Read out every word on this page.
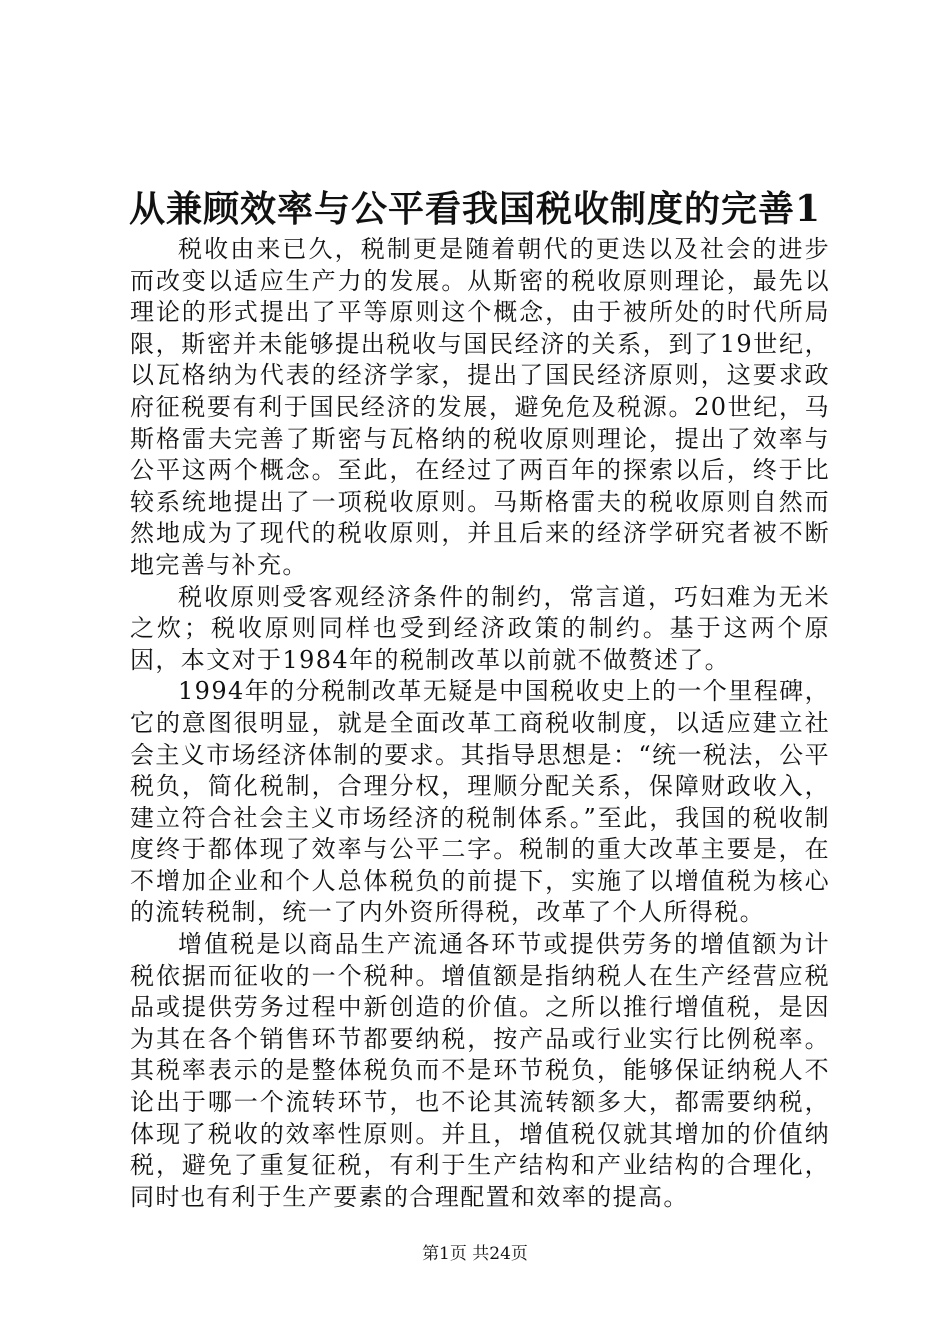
从兼顾效率与公平看我国税收制度的完善1

税收由来已久，税制更是随着朝代的更迭以及社会的进步而改变以适应生产力的发展。从斯密的税收原则理论，最先以理论的形式提出了平等原则这个概念，由于被所处的时代所局限，斯密并未能够提出税收与国民经济的关系，到了19世纪，以瓦格纳为代表的经济学家，提出了国民经济原则，这要求政府征税要有利于国民经济的发展，避免危及税源。20世纪，马斯格雷夫完善了斯密与瓦格纳的税收原则理论，提出了效率与公平这两个概念。至此，在经过了两百年的探索以后，终于比较系统地提出了一项税收原则。马斯格雷夫的税收原则自然而然地成为了现代的税收原则，并且后来的经济学研究者被不断地完善与补充。

税收原则受客观经济条件的制约，常言道，巧妇难为无米之炊；税收原则同样也受到经济政策的制约。基于这两个原因，本文对于1984年的税制改革以前就不做赘述了。

1994年的分税制改革无疑是中国税收史上的一个里程碑，它的意图很明显，就是全面改革工商税收制度，以适应建立社会主义市场经济体制的要求。其指导思想是：“统一税法，公平税负，简化税制，合理分权，理顺分配关系，保障财政收入，建立符合社会主义市场经济的税制体系。”至此，我国的税收制度终于都体现了效率与公平二字。税制的重大改革主要是，在不增加企业和个人总体税负的前提下，实施了以增值税为核心的流转税制，统一了内外资所得税，改革了个人所得税。

增值税是以商品生产流通各环节或提供劳务的增值额为计税依据而征收的一个税种。增值额是指纳税人在生产经营应税品或提供劳务过程中新创造的价值。之所以推行增值税，是因为其在各个销售环节都要纳税，按产品或行业实行比例税率。其税率表示的是整体税负而不是环节税负，能够保证纳税人不论出于哪一个流转环节，也不论其流转额多大，都需要纳税，体现了税收的效率性原则。并且，增值税仅就其增加的价值纳税，避免了重复征税，有利于生产结构和产业结构的合理化，同时也有利于生产要素的合理配置和效率的提高。

第1页 共24页
